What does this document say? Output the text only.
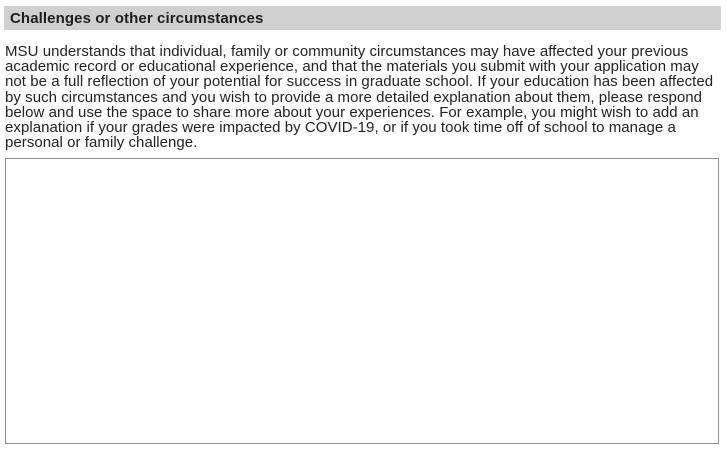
Challenges or other circumstances

MSU understands that individual, family or community circumstances may have affected your previous academic record or educational experience, and that the materials you submit with your application may not be a full reflection of your potential for success in graduate school. If your education has been affected by such circumstances and you wish to provide a more detailed explanation about them, please respond below and use the space to share more about your experiences. For example, you might wish to add an explanation if your grades were impacted by COVID-19, or if you took time off of school to manage a personal or family challenge.
